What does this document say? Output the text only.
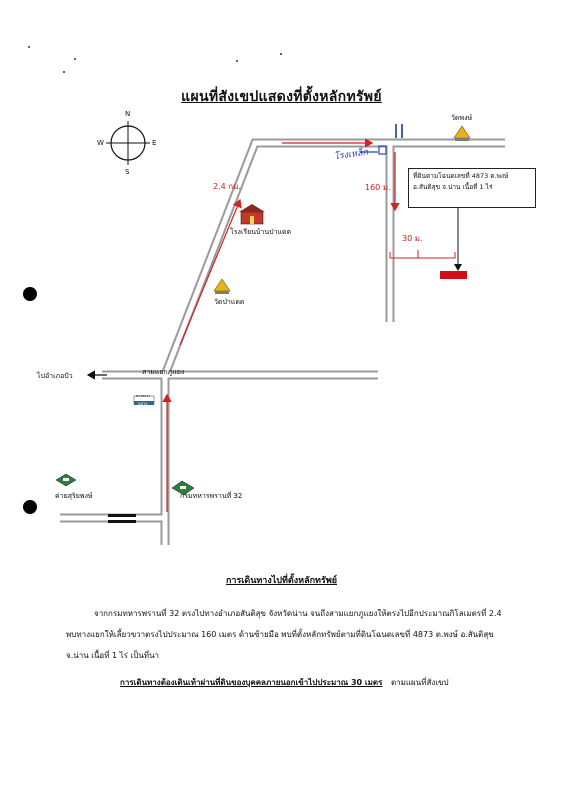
แผนที่สังเขปแสดงที่ตั้งหลักทรัพย์
N
E
S
W
วัดพงษ์
โรงเหล็ก
160 ม.
2.4 กม.
30 ม.
โรงเรียนบ้านป่าแดด
วัดป่าแดด
ไปอำเภอปัว	สามแยกภูแยง
ทางหลวง
หลวง
กรมทหารพรานที่ 32
ค่ายสุริยพงษ์
ที่ดินตามโฉนดเลขที่ 4873 ต.พงษ์
อ.สันติสุข จ.น่าน เนื้อที่ 1 ไร่
การเดินทางไปที่ตั้งหลักทรัพย์
จากกรมทหารพรานที่ 32 ตรงไปทางอำเภอสันติสุข จังหวัดน่าน จนถึงสามแยกภูแยงให้ตรงไปอีกประมาณกิโลเมตรที่ 2.4 พบทางแยกให้เลี้ยวขวาตรงไปประมาณ 160 เมตร ด้านซ้ายมือ พบที่ตั้งหลักทรัพย์ตามที่ดินโฉนดเลขที่ 4873 ต.พงษ์ อ.สันติสุข จ.น่าน เนื้อที่ 1 ไร่ เป็นที่นา
การเดินทางต้องเดินเท้าผ่านที่ดินของบุคคลภายนอกเข้าไปประมาณ 30 เมตร ตามแผนที่สังเขป
